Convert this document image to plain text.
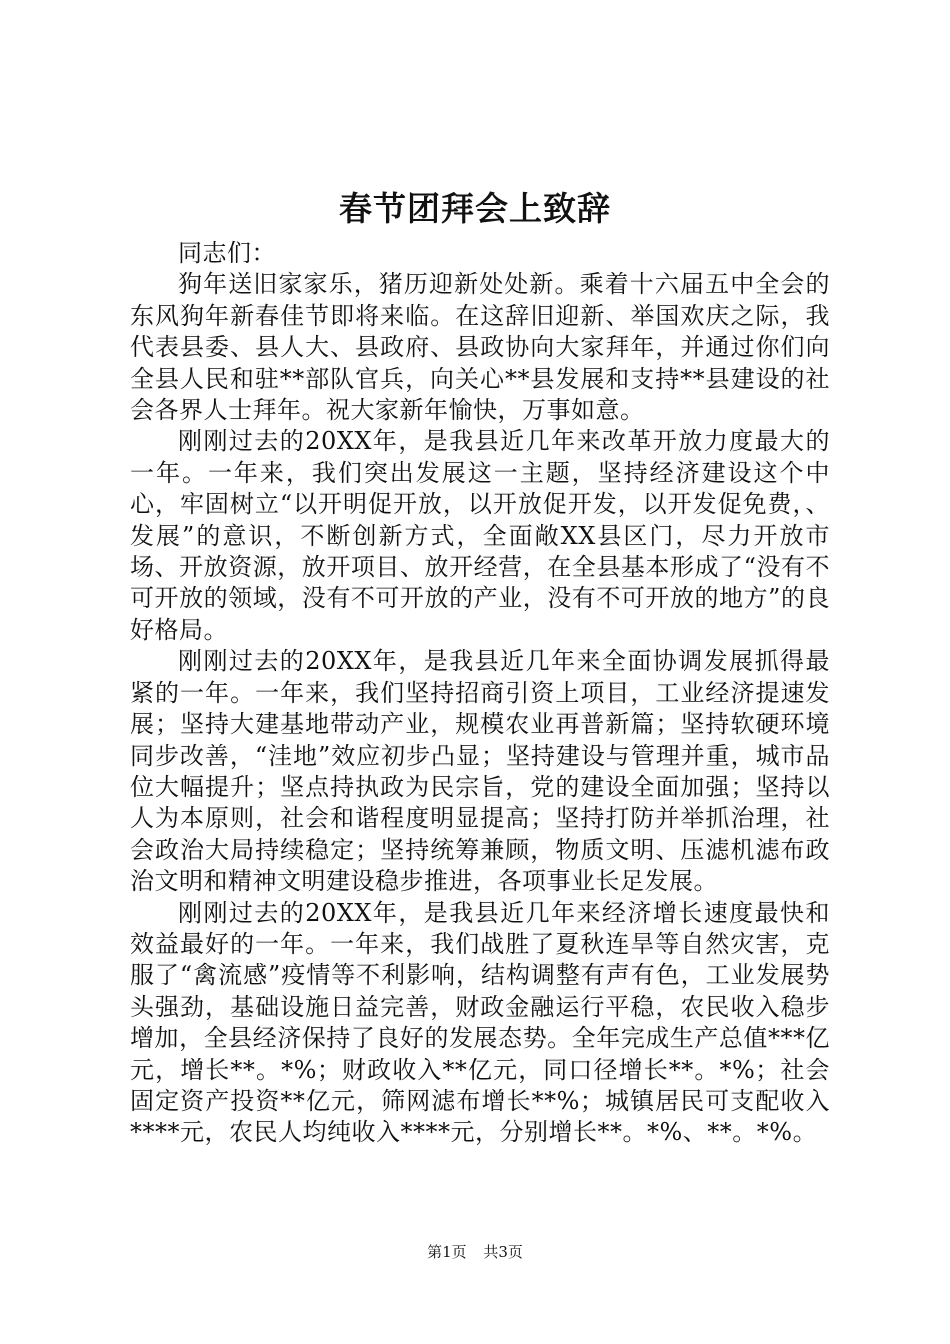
春节团拜会上致辞

同志们：

狗年送旧家家乐，猪历迎新处处新。乘着十六届五中全会的东风狗年新春佳节即将来临。在这辞旧迎新、举国欢庆之际，我代表县委、县人大、县政府、县政协向大家拜年，并通过你们向全县人民和驻**部队官兵，向关心**县发展和支持**县建设的社会各界人士拜年。祝大家新年愉快，万事如意。

刚刚过去的20XX年，是我县近几年来改革开放力度最大的一年。一年来，我们突出发展这一主题，坚持经济建设这个中心，牢固树立“以开明促开放，以开放促开发，以开发促免费，、发展”的意识，不断创新方式，全面敞XX县区门，尽力开放市场、开放资源，放开项目、放开经营，在全县基本形成了“没有不可开放的领域，没有不可开放的产业，没有不可开放的地方”的良好格局。

刚刚过去的20XX年，是我县近几年来全面协调发展抓得最紧的一年。一年来，我们坚持招商引资上项目，工业经济提速发展；坚持大建基地带动产业，规模农业再普新篇；坚持软硬环境同步改善，“洼地”效应初步凸显；坚持建设与管理并重，城市品位大幅提升；坚点持执政为民宗旨，党的建设全面加强；坚持以人为本原则，社会和谐程度明显提高；坚持打防并举抓治理，社会政治大局持续稳定；坚持统筹兼顾，物质文明、压滤机滤布政治文明和精神文明建设稳步推进，各项事业长足发展。

刚刚过去的20XX年，是我县近几年来经济增长速度最快和效益最好的一年。一年来，我们战胜了夏秋连旱等自然灾害，克服了“禽流感”疫情等不利影响，结构调整有声有色，工业发展势头强劲，基础设施日益完善，财政金融运行平稳，农民收入稳步增加，全县经济保持了良好的发展态势。全年完成生产总值***亿元，增长**。*%；财政收入**亿元，同口径增长**。*%；社会固定资产投资**亿元，筛网滤布增长**%；城镇居民可支配收入****元，农民人均纯收入****元，分别增长**。*%、**。*%。

第1页 共3页
